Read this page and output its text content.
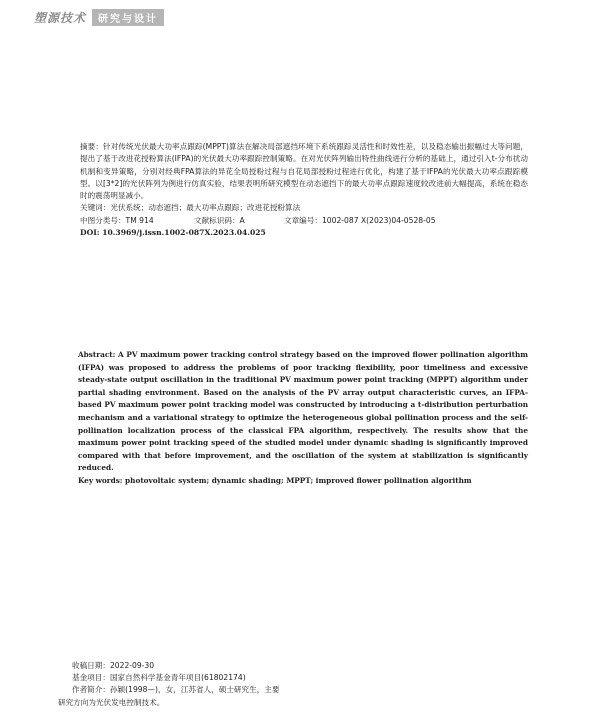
塑源技术	研究与设计

摘要：针对传统光伏最大功率点跟踪(MPPT)算法在解决局部遮挡环境下系统跟踪灵活性和时效性差，以及稳态输出振幅过大等问题，提出了基于改进花授粉算法(IFPA)的光伏最大功率跟踪控制策略。在对光伏阵列输出特性曲线进行分析的基础上，通过引入t-分布扰动机制和变异策略，分别对经典FPA算法的异花全局授粉过程与自花局部授粉过程进行优化，构建了基于IFPA的光伏最大功率点跟踪模型。以[3*2]的光伏阵列为例进行仿真实验，结果表明所研究模型在动态遮挡下的最大功率点跟踪速度较改进前大幅提高，系统在稳态时的震荡明显减小。

关键词：光伏系统；动态遮挡；最大功率点跟踪；改进花授粉算法

中图分类号：TM 914	文献标识码：A	文章编号：1002-087 X(2023)04-0528-05

DOI: 10.3969/j.issn.1002-087X.2023.04.025

Abstract: A PV maximum power tracking control strategy based on the improved flower pollination algorithm (IFPA) was proposed to address the problems of poor tracking flexibility, poor timeliness and excessive steady-state output oscillation in the traditional PV maximum power point tracking (MPPT) algorithm under partial shading environment. Based on the analysis of the PV array output characteristic curves, an IFPA-based PV maximum power point tracking model was constructed by introducing a t-distribution perturbation mechanism and a variational strategy to optimize the heterogeneous global pollination process and the self-pollination localization process of the classical FPA algorithm, respectively. The results show that the maximum power point tracking speed of the studied model under dynamic shading is significantly improved compared with that before improvement, and the oscillation of the system at stabilization is significantly reduced.

Key words: photovoltaic system; dynamic shading; MPPT; improved flower pollination algorithm

收稿日期：2022-09-30

基金项目：国家自然科学基金青年项目(61802174)

作者简介：孙颖(1998—)，女，江苏省人，硕士研究生，主要

研究方向为光伏发电控制技术。
